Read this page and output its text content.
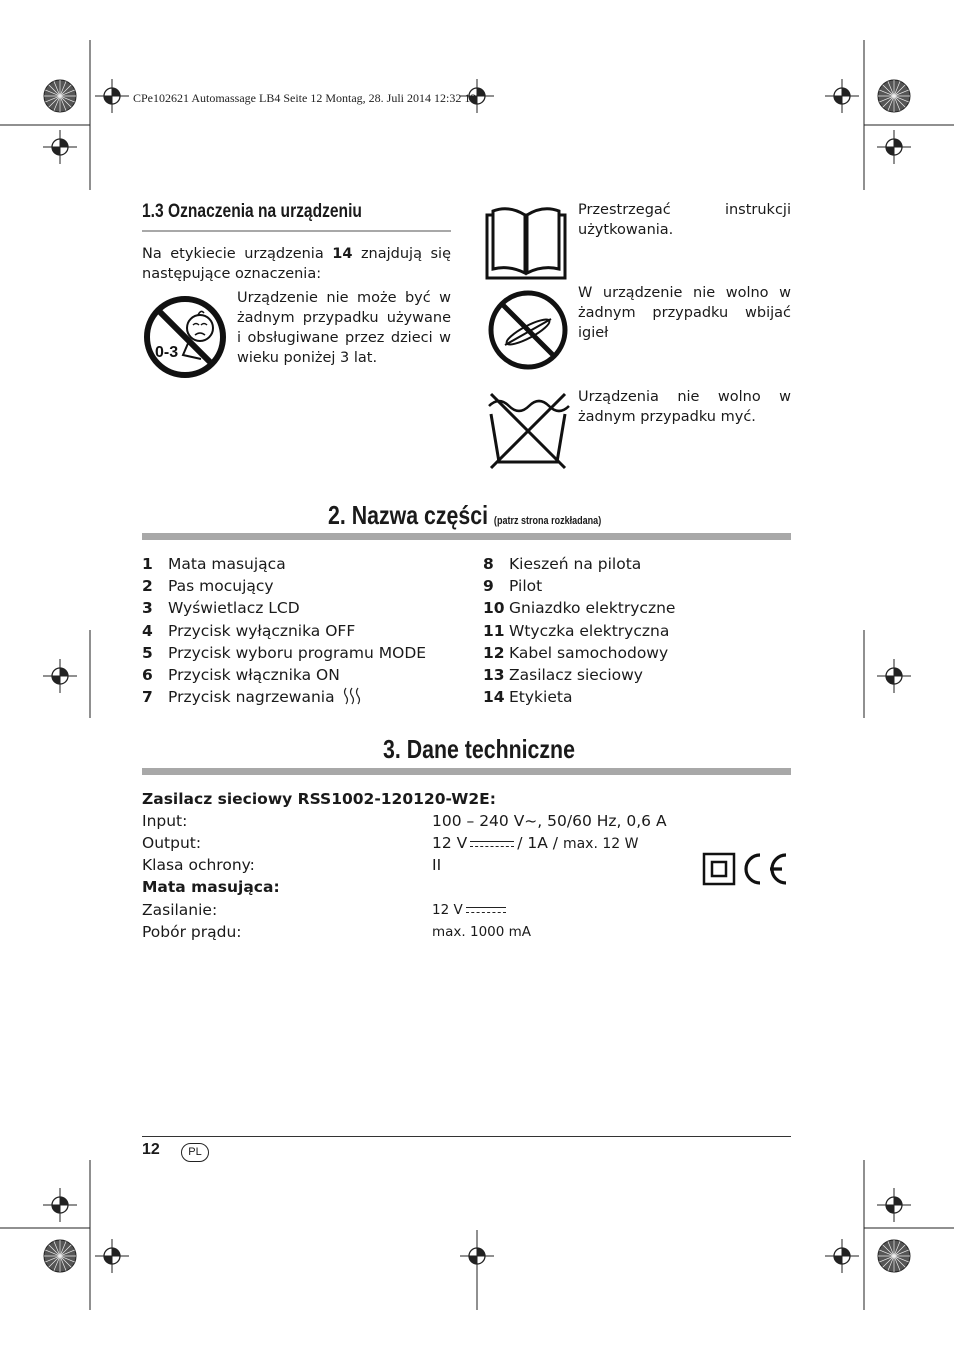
CPe102621 Automassage LB4 Seite 12 Montag, 28. Juli 2014 12:32 12
1.3 Oznaczenia na urządzeniu
Na etykiecie urządzenia 14 znajdują się następujące oznaczenia:
0-3
Urządzenie nie może być w żadnym przypadku używane i obsługiwane przez dzieci w wieku poniżej 3 lat.
Przestrzegać instrukcji użytkowania.
W urządzenie nie wolno w żadnym przypadku wbijać igieł
Urządzenia nie wolno w żadnym przypadku myć.
2. Nazwa części (patrz strona rozkładana)
1 Mata masująca
2 Pas mocujący
3 Wyświetlacz LCD
4 Przycisk wyłącznika OFF
5 Przycisk wyboru programu MODE
6 Przycisk włącznika ON
7 Przycisk nagrzewania
8 Kieszeń na pilota
9 Pilot
10 Gniazdko elektryczne
11 Wtyczka elektryczna
12 Kabel samochodowy
13 Zasilacz sieciowy
14 Etykieta
3. Dane techniczne
Zasilacz sieciowy RSS1002-120120-W2E:
Input:	100 – 240 V~, 50/60 Hz, 0,6 A
Output:	12 V	/ 1A / max. 12 W
Klasa ochrony:	II
Mata masująca:
Zasilanie:	12 V
Pobór prądu:	max. 1000 mA
12	PL
